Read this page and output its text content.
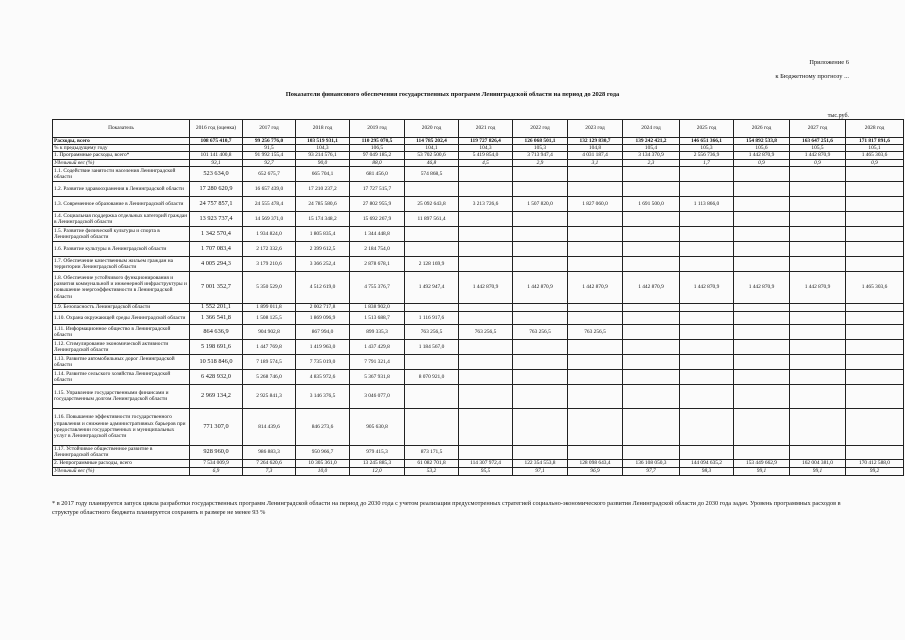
Приложение 6
к Бюджетному прогнозу ...
Показатели финансового обеспечения государственных программ Ленинградской области на период до 2028 года
тыс.руб.
Показатель	2016 год (оценка)	2017 год	2018 год	2019 год	2020 год	2021 год	2022 год	2023 год	2024 год	2025 год	2026 год	2027 год	2028 год
Расходы, всего	108 675 410,7	99 256 776,0	103 519 931,1	110 295 070,5	114 785 202,4	119 727 826,4	126 068 501,1	132 129 830,7	139 242 421,2	146 651 366,1	154 892 533,8	163 647 251,6	171 817 891,6
% к предыдущему году		91,5	104,3	106,5	104,1	104,3	105,3	104,8	105,4	105,3	105,6	105,5	105,1
1. Программные расходы, всего*	101 141 400,8	91 992 155,4	93 214 576,1	97 049 185,2	53 702 500,6	5 419 854,0	3 713 947,4	4 031 187,4	3 134 370,9	2 556 736,9	1 442 870,9	1 442 870,9	1 465 303,6
Удельный вес (%)	93,1	92,7	90,0	88,0	46,8	4,5	2,9	3,1	2,3	1,7	0,9	0,9	0,9
1.1. Содействие занятости населения Ленинградской области	523 634,0	652 675,7	665 704,1	681 456,0	574 868,5								
1.2. Развитие здравоохранения в Ленинградской области	17 280 620,9	16 657 439,0	17 210 237,2	17 727 515,7									
1.3. Современное образование в Ленинградской области	24 757 857,1	24 555 478,4	24 785 580,6	27 802 955,9	25 092 643,8	3 213 726,6	1 507 820,0	1 827 060,0	1 691 500,0	1 113 866,0			
1.4. Социальная поддержка отдельных категорий граждан в Ленинградской области	13 923 737,4	14 569 371,0	15 174 348,2	15 692 267,9	11 897 561,4								
1.5. Развитие физической культуры и спорта в Ленинградской области	1 342 570,4	1 934 824,0	1 805 835,4	1 344 448,8									
1.6. Развитие культуры в Ленинградской области	1 707 083,4	2 172 332,6	2 399 612,5	2 184 754,0									
1.7. Обеспечение качественным жильем граждан на территории Ленинградской области	4 005 294,3	3 179 210,6	3 366 252,4	2 878 678,1	2 128 169,9								
1.8. Обеспечение устойчивого функционирования и развития коммунальной и инженерной инфраструктуры и повышение энергоэффективности в Ленинградской области	7 001 352,7	5 350 529,0	4 512 619,0	4 755 376,7	1 492 947,4	1 442 870,9	1 442 870,9	1 442 870,9	1 442 870,9	1 442 870,9	1 442 870,9	1 442 870,9	1 465 303,6
1.9. Безопасность Ленинградской области	1 552 201,1	1 899 011,8	2 002 717,8	1 838 902,0									
1.10. Охрана окружающей среды Ленинградской области	1 366 541,8	1 508 125,5	1 869 096,9	1 513 688,7	1 116 917,6								
1.11. Информационное общество в Ленинградской области	864 636,9	904 902,8	867 994,0	899 335,3	763 256,5	763 256,5	763 256,5	763 256,5					
1.12. Стимулирование экономической активности Ленинградской области	5 198 691,6	1 447 769,8	1 419 963,0	1 437 429,8	1 184 567,0								
1.13. Развитие автомобильных дорог Ленинградской области	10 518 846,0	7 189 574,5	7 735 019,0	7 791 321,4									
1.14. Развитие сельского хозяйства Ленинградской области	6 428 932,0	5 268 746,0	4 835 972,6	5 367 931,8	8 070 921,0								
1.15. Управление государственными финансами и государственным долгом Ленинградской области	2 969 134,2	2 925 841,3	3 146 376,5	3 046 077,0									
1.16. Повышение эффективности государственного управления и снижение административных барьеров при предоставлении государственных и муниципальных услуг в Ленинградской области	771 307,0	814 439,6	846 273,6	905 630,8									
1.17. Устойчивое общественное развитие в Ленинградской области	928 960,0	986 883,3	950 966,7	979 415,3	873 171,5								
2. Непрограммные расходы, всего	7 534 009,9	7 264 620,6	10 305 361,0	13 245 885,3	61 082 701,8	114 307 972,4	122 354 553,8	128 098 643,4	136 108 050,3	144 094 635,2	153 449 662,9	162 004 381,0	170 412 588,0
Удельный вес (%)	6,9	7,3	10,0	12,0	53,2	95,5	97,1	96,9	97,7	98,3	99,1	99,1	99,2
* в 2017 году планируется запуск цикла разработки государственных программ Ленинградской области на период до 2030 года с учетом реализации предусмотренных стратегией социально-экономического развития Ленинградской области до 2030 года задач. Уровень программных расходов в структуре областного бюджета планируется сохранять в размере не менее 93 %
